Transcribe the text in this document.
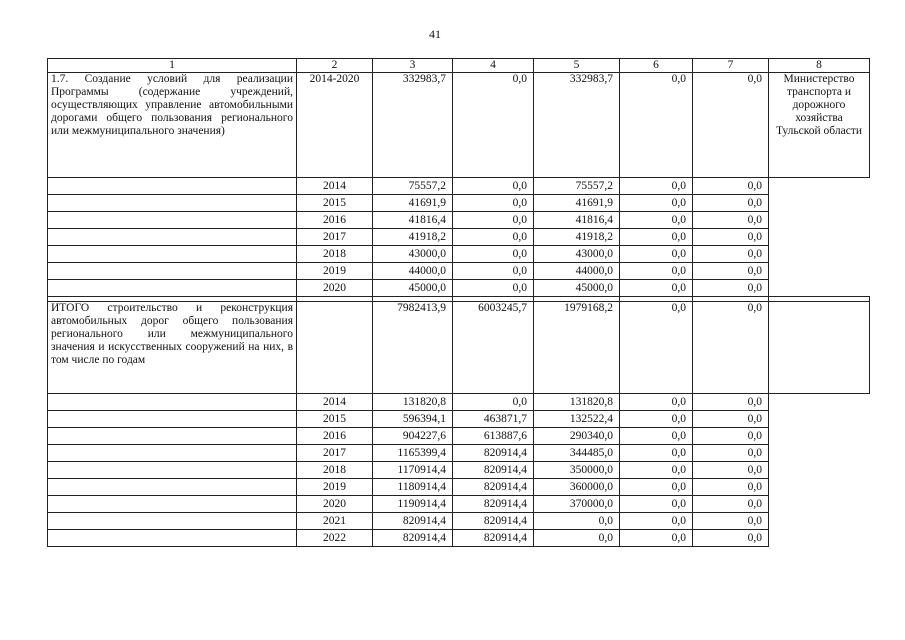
41
1	2	3	4	5	6	7	8
1.7. Создание условий для реализации Программы (содержание учреждений, осуществляющих управление автомобильными дорогами общего пользования регионального или межмуниципального значения)	2014-2020	332983,7	0,0	332983,7	0,0	0,0	Министерство транспорта и дорожного хозяйства Тульской области
	2014	75557,2	0,0	75557,2	0,0	0,0	
	2015	41691,9	0,0	41691,9	0,0	0,0	
	2016	41816,4	0,0	41816,4	0,0	0,0	
	2017	41918,2	0,0	41918,2	0,0	0,0	
	2018	43000,0	0,0	43000,0	0,0	0,0	
	2019	44000,0	0,0	44000,0	0,0	0,0	
	2020	45000,0	0,0	45000,0	0,0	0,0	

ИТОГО строительство и реконструкция автомобильных дорог общего пользования регионального или межмуниципального значения и искусственных сооружений на них, в том числе по годам		7982413,9	6003245,7	1979168,2	0,0	0,0	
	2014	131820,8	0,0	131820,8	0,0	0,0	
	2015	596394,1	463871,7	132522,4	0,0	0,0	
	2016	904227,6	613887,6	290340,0	0,0	0,0	
	2017	1165399,4	820914,4	344485,0	0,0	0,0	
	2018	1170914,4	820914,4	350000,0	0,0	0,0	
	2019	1180914,4	820914,4	360000,0	0,0	0,0	
	2020	1190914,4	820914,4	370000,0	0,0	0,0	
	2021	820914,4	820914,4	0,0	0,0	0,0	
	2022	820914,4	820914,4	0,0	0,0	0,0	
